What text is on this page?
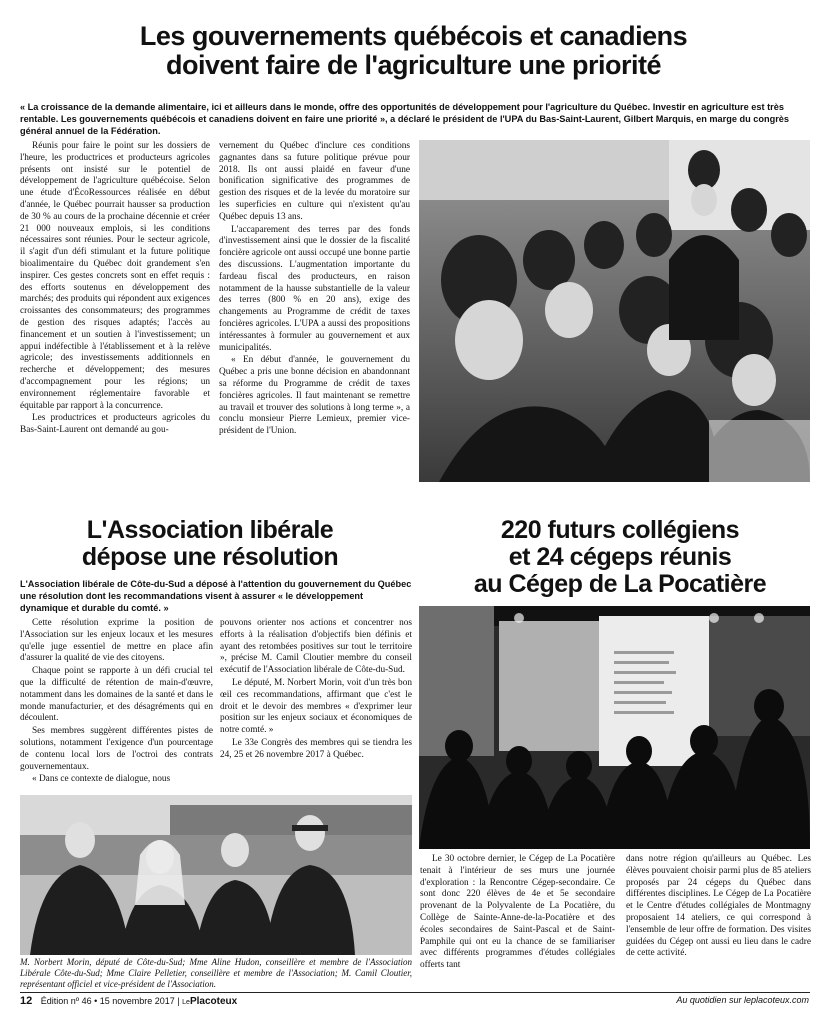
Les gouvernements québécois et canadiens
doivent faire de l'agriculture une priorité
« La croissance de la demande alimentaire, ici et ailleurs dans le monde, offre des opportunités de développement pour l'agriculture du Québec. Investir en agriculture est très rentable. Les gouvernements québécois et canadiens doivent en faire une priorité », a déclaré le président de l'UPA du Bas-Saint-Laurent, Gilbert Marquis, en marge du congrès général annuel de la Fédération.

Réunis pour faire le point sur les dossiers de l'heure, les productrices et producteurs agricoles présents ont insisté sur le potentiel de développement de l'agriculture québécoise. Selon une étude d'ÉcoRessources réalisée en début d'année, le Québec pourrait hausser sa production de 30 % au cours de la prochaine décennie et créer 21 000 nouveaux emplois, si les conditions nécessaires sont réunies. Pour le secteur agricole, il s'agit d'un défi stimulant et la future politique bioalimentaire du Québec doit grandement s'en inspirer. Ces gestes concrets sont en effet requis : des efforts soutenus en développement des marchés; des produits qui répondent aux exigences croissantes des consommateurs; des programmes de gestion des risques adaptés; l'accès au financement et un soutien à l'investissement; un appui indéfectible à l'établissement et à la relève agricole; des investissements additionnels en recherche et développement; des mesures d'accompagnement pour les régions; un environnement réglementaire favorable et équitable par rapport à la concurrence.

Les productrices et producteurs agricoles du Bas-Saint-Laurent ont demandé au gou-

vernement du Québec d'inclure ces conditions gagnantes dans sa future politique prévue pour 2018. Ils ont aussi plaidé en faveur d'une bonification significative des programmes de gestion des risques et de la levée du moratoire sur les superficies en culture qui n'existent qu'au Québec depuis 13 ans.

L'accaparement des terres par des fonds d'investissement ainsi que le dossier de la fiscalité foncière agricole ont aussi occupé une bonne partie des discussions. L'augmentation importante du fardeau fiscal des producteurs, en raison notamment de la hausse substantielle de la valeur des terres (800 % en 20 ans), exige des changements au Programme de crédit de taxes foncières agricoles. L'UPA a aussi des propositions intéressantes à formuler au gouvernement et aux municipalités.

« En début d'année, le gouvernement du Québec a pris une bonne décision en abandonnant sa réforme du Programme de crédit de taxes foncières agricoles. Il faut maintenant se remettre au travail et trouver des solutions à long terme », a conclu monsieur Pierre Lemieux, premier vice-président de l'Union.

L'Association libérale
dépose une résolution
L'Association libérale de Côte-du-Sud a déposé à l'attention du gouvernement du Québec une résolution dont les recommandations visent à assurer « le développement dynamique et durable du comté. »

Cette résolution exprime la position de l'Association sur les enjeux locaux et les mesures qu'elle juge essentiel de mettre en place afin d'assurer la qualité de vie des citoyens.

Chaque point se rapporte à un défi crucial tel que la difficulté de rétention de main-d'œuvre, notamment dans les domaines de la santé et dans le monde manufacturier, et des désagréments qui en découlent.

Ses membres suggèrent différentes pistes de solutions, notamment l'exigence d'un pourcentage de contenu local lors de l'octroi des contrats gouvernementaux.

« Dans ce contexte de dialogue, nous

pouvons orienter nos actions et concentrer nos efforts à la réalisation d'objectifs bien définis et ayant des retombées positives sur tout le territoire », précise M. Camil Cloutier membre du conseil exécutif de l'Association libérale de Côte-du-Sud.

Le député, M. Norbert Morin, voit d'un très bon œil ces recommandations, affirmant que c'est le droit et le devoir des membres « d'exprimer leur position sur les enjeux sociaux et économiques de notre comté. »

Le 33e Congrès des membres qui se tiendra les 24, 25 et 26 novembre 2017 à Québec.

M. Norbert Morin, député de Côte-du-Sud; Mme Aline Hudon, conseillère et membre de l'Association Libérale Côte-du-Sud; Mme Claire Pelletier, conseillère et membre de l'Association; M. Camil Cloutier, représentant officiel et vice-président de l'Association.
220 futurs collégiens
et 24 cégeps réunis
au Cégep de La Pocatière

Le 30 octobre dernier, le Cégep de La Pocatière tenait à l'intérieur de ses murs une journée d'exploration : la Rencontre Cégep-secondaire. Ce sont donc 220 élèves de 4e et 5e secondaire provenant de la Polyvalente de La Pocatière, du Collège de Sainte-Anne-de-la-Pocatière et des écoles secondaires de Saint-Pascal et de Saint-Pamphile qui ont eu la chance de se familiariser avec différents programmes d'études collégiales offerts tant

dans notre région qu'ailleurs au Québec. Les élèves pouvaient choisir parmi plus de 85 ateliers proposés par 24 cégeps du Québec dans différentes disciplines. Le Cégep de La Pocatière et le Centre d'études collégiales de Montmagny proposaient 14 ateliers, ce qui correspond à l'ensemble de leur offre de formation. Des visites guidées du Cégep ont aussi eu lieu dans le cadre de cette activité.

12 Édition nº 46 • 15 novembre 2017 | LePlacoteux	Au quotidien sur leplacoteux.com
